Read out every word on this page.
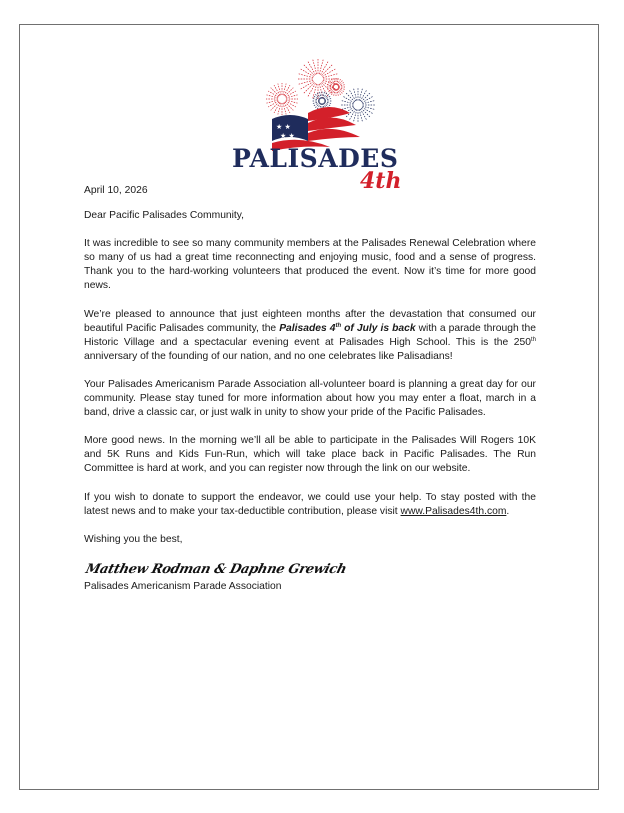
★ ★
★ ★
PALISADES
4th

April 10, 2026

Dear Pacific Palisades Community,

It was incredible to see so many community members at the Palisades Renewal Celebration where so many of us had a great time reconnecting and enjoying music, food and a sense of progress. Thank you to the hard-working volunteers that produced the event. Now it’s time for more good news.

We’re pleased to announce that just eighteen months after the devastation that consumed our beautiful Pacific Palisades community, the Palisades 4th of July is back with a parade through the Historic Village and a spectacular evening event at Palisades High School. This is the 250th anniversary of the founding of our nation, and no one celebrates like Palisadians!

Your Palisades Americanism Parade Association all-volunteer board is planning a great day for our community. Please stay tuned for more information about how you may enter a float, march in a band, drive a classic car, or just walk in unity to show your pride of the Pacific Palisades.

More good news. In the morning we’ll all be able to participate in the Palisades Will Rogers 10K and 5K Runs and Kids Fun-Run, which will take place back in Pacific Palisades. The Run Committee is hard at work, and you can register now through the link on our website.

If you wish to donate to support the endeavor, we could use your help. To stay posted with the latest news and to make your tax-deductible contribution, please visit www.Palisades4th.com.

Wishing you the best,

Matthew Rodman & Daphne Grewich
Palisades Americanism Parade Association
